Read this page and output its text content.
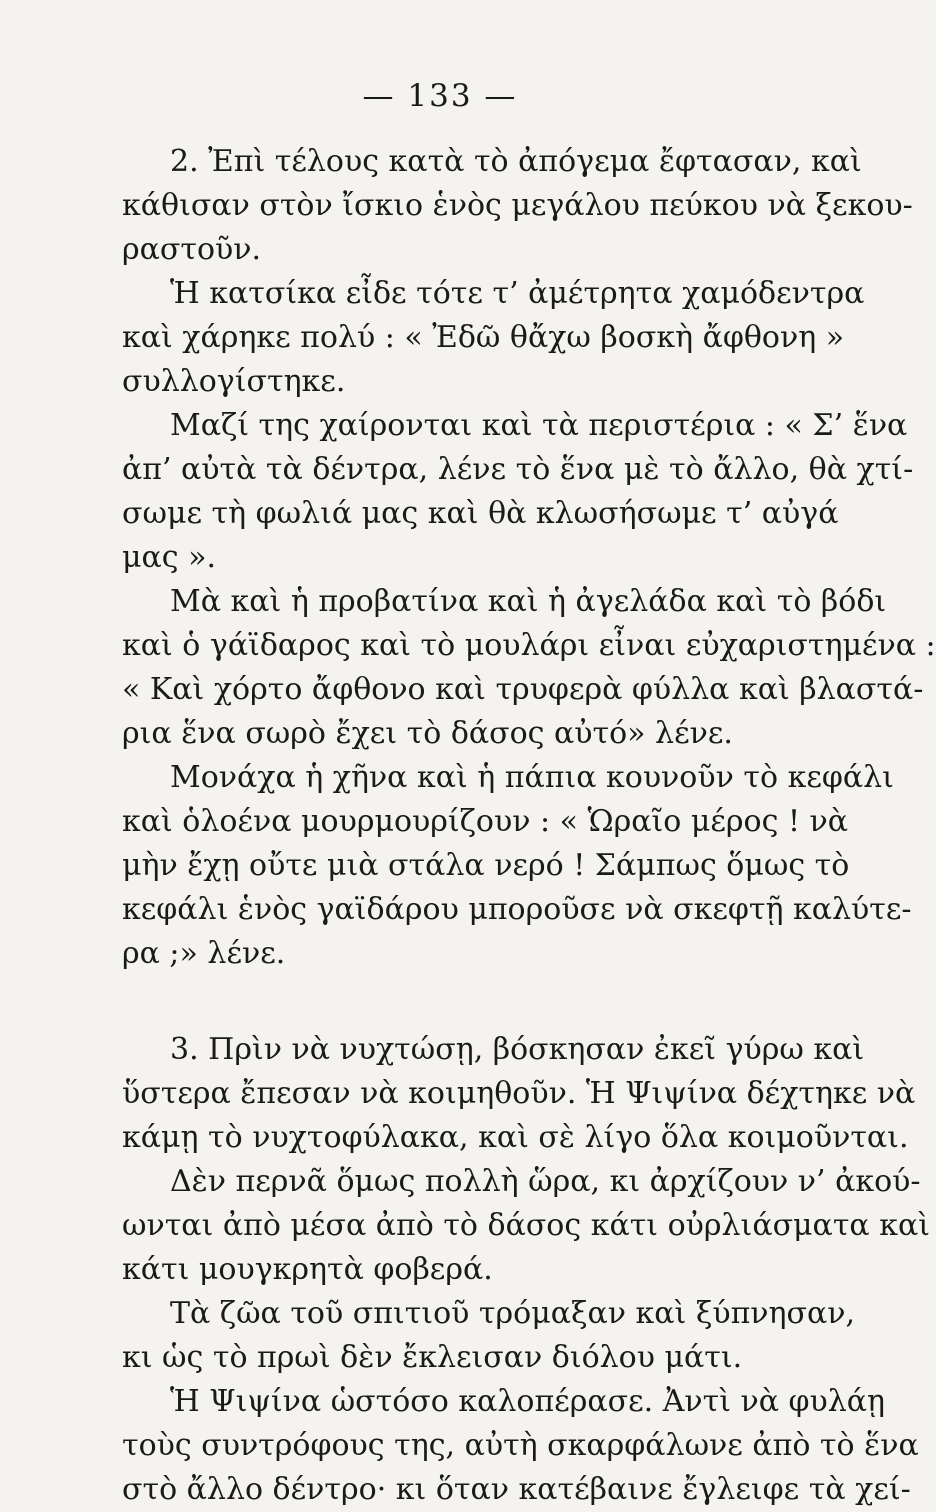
— 133 —
2. Ἐπὶ τέλους κατὰ τὸ ἀπόγεμα ἔφτασαν, καὶ
κάθισαν στὸν ἴσκιο ἑνὸς μεγάλου πεύκου νὰ ξεκου-
ραστοῦν.
Ἡ κατσίκα εἶδε τότε τ’ ἀμέτρητα χαμόδεντρα
καὶ χάρηκε πολύ : « Ἐδῶ θἄχω βοσκὴ ἄφθονη »
συλλογίστηκε.
Μαζί της χαίρονται καὶ τὰ περιστέρια : « Σ’ ἕνα
ἀπ’ αὐτὰ τὰ δέντρα, λένε τὸ ἕνα μὲ τὸ ἄλλο, θὰ χτί-
σωμε τὴ φωλιά μας καὶ θὰ κλωσήσωμε τ’ αὐγά
μας ».
Μὰ καὶ ἡ προβατίνα καὶ ἡ ἀγελάδα καὶ τὸ βόδι
καὶ ὁ γάϊδαρος καὶ τὸ μουλάρι εἶναι εὐχαριστημένα :
« Καὶ χόρτο ἄφθονο καὶ τρυφερὰ φύλλα καὶ βλαστά-
ρια ἕνα σωρὸ ἔχει τὸ δάσος αὐτό» λένε.
Μονάχα ἡ χῆνα καὶ ἡ πάπια κουνοῦν τὸ κεφάλι
καὶ ὁλοένα μουρμουρίζουν : « Ὡραῖο μέρος ! νὰ
μὴν ἔχῃ οὔτε μιὰ στάλα νερό ! Σάμπως ὅμως τὸ
κεφάλι ἑνὸς γαϊδάρου μποροῦσε νὰ σκεφτῇ καλύτε-
ρα ;» λένε.
3. Πρὶν νὰ νυχτώσῃ, βόσκησαν ἐκεῖ γύρω καὶ
ὕστερα ἔπεσαν νὰ κοιμηθοῦν. Ἡ Ψιψίνα δέχτηκε νὰ
κάμῃ τὸ νυχτοφύλακα, καὶ σὲ λίγο ὅλα κοιμοῦνται.
Δὲν περνᾶ ὅμως πολλὴ ὥρα, κι ἀρχίζουν ν’ ἀκού-
ωνται ἀπὸ μέσα ἀπὸ τὸ δάσος κάτι οὐρλιάσματα καὶ
κάτι μουγκρητὰ φοβερά.
Τὰ ζῶα τοῦ σπιτιοῦ τρόμαξαν καὶ ξύπνησαν,
κι ὡς τὸ πρωὶ δὲν ἔκλεισαν διόλου μάτι.
Ἡ Ψιψίνα ὡστόσο καλοπέρασε. Ἀντὶ νὰ φυλάῃ
τοὺς συντρόφους της, αὐτὴ σκαρφάλωνε ἀπὸ τὸ ἕνα
στὸ ἄλλο δέντρο· κι ὅταν κατέβαινε ἔγλειφε τὰ χεί-
